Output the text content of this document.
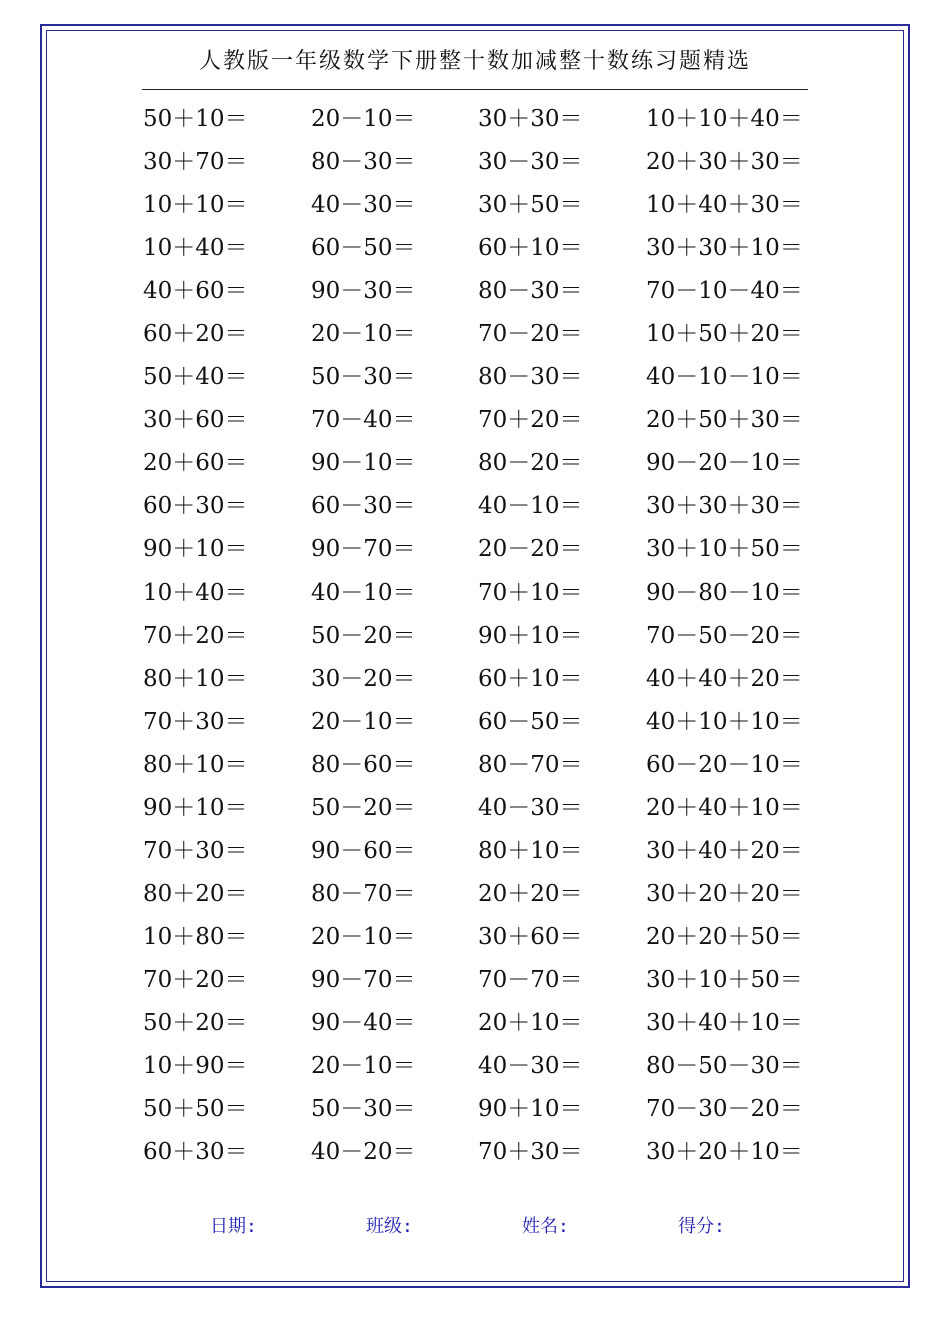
人教版一年级数学下册整十数加减整十数练习题精选
50＋10＝	20－10＝	30＋30＝	10＋10＋40＝
30＋70＝	80－30＝	30－30＝	20＋30＋30＝
10＋10＝	40－30＝	30＋50＝	10＋40＋30＝
10＋40＝	60－50＝	60＋10＝	30＋30＋10＝
40＋60＝	90－30＝	80－30＝	70－10－40＝
60＋20＝	20－10＝	70－20＝	10＋50＋20＝
50＋40＝	50－30＝	80－30＝	40－10－10＝
30＋60＝	70－40＝	70＋20＝	20＋50＋30＝
20＋60＝	90－10＝	80－20＝	90－20－10＝
60＋30＝	60－30＝	40－10＝	30＋30＋30＝
90＋10＝	90－70＝	20－20＝	30＋10＋50＝
10＋40＝	40－10＝	70＋10＝	90－80－10＝
70＋20＝	50－20＝	90＋10＝	70－50－20＝
80＋10＝	30－20＝	60＋10＝	40＋40＋20＝
70＋30＝	20－10＝	60－50＝	40＋10＋10＝
80＋10＝	80－60＝	80－70＝	60－20－10＝
90＋10＝	50－20＝	40－30＝	20＋40＋10＝
70＋30＝	90－60＝	80＋10＝	30＋40＋20＝
80＋20＝	80－70＝	20＋20＝	30＋20＋20＝
10＋80＝	20－10＝	30＋60＝	20＋20＋50＝
70＋20＝	90－70＝	70－70＝	30＋10＋50＝
50＋20＝	90－40＝	20＋10＝	30＋40＋10＝
10＋90＝	20－10＝	40－30＝	80－50－30＝
50＋50＝	50－30＝	90＋10＝	70－30－20＝
60＋30＝	40－20＝	70＋30＝	30＋20＋10＝
日期:	班级:	姓名:	得分:
